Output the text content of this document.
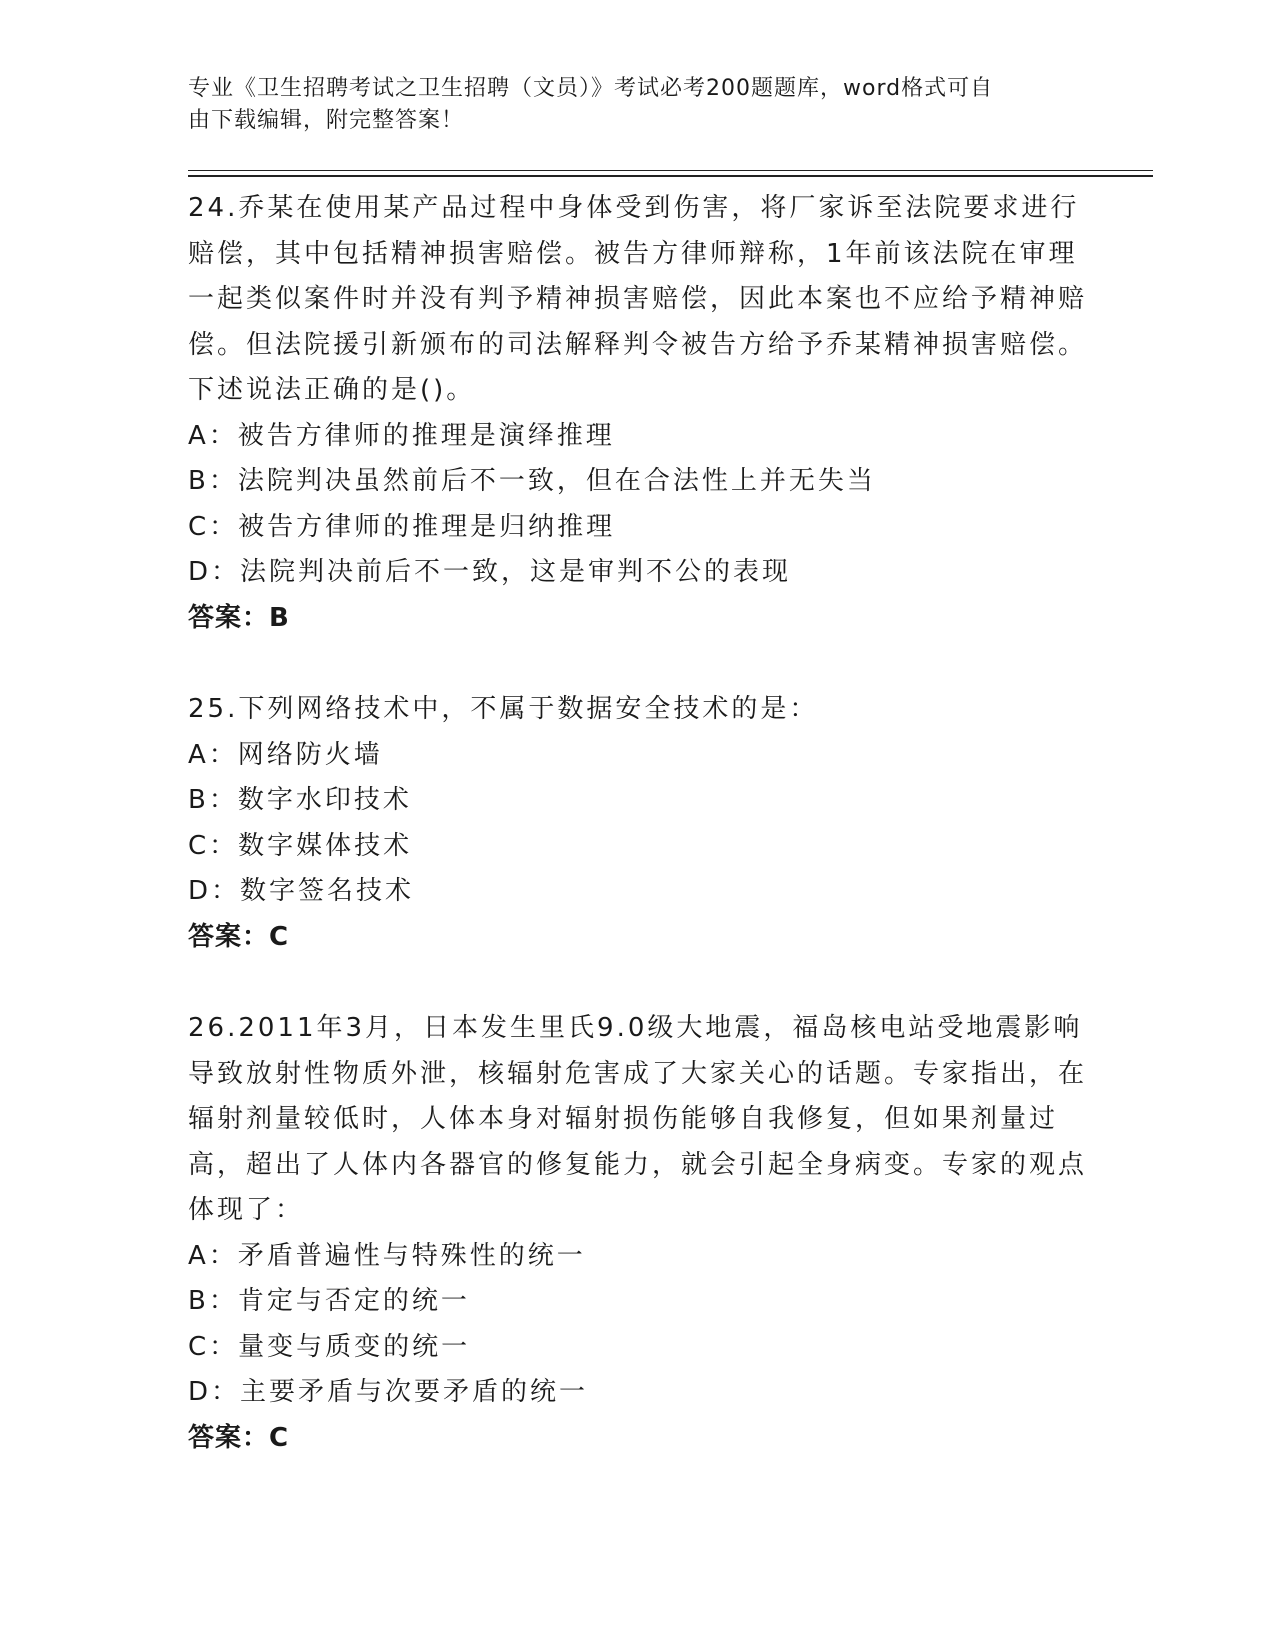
专业《卫生招聘考试之卫生招聘（文员）》考试必考200题题库，word格式可自
由下载编辑，附完整答案！
24.乔某在使用某产品过程中身体受到伤害，将厂家诉至法院要求进行赔偿，其中包括精神损害赔偿。被告方律师辩称，1年前该法院在审理一起类似案件时并没有判予精神损害赔偿，因此本案也不应给予精神赔偿。但法院援引新颁布的司法解释判令被告方给予乔某精神损害赔偿。下述说法正确的是()。
A：被告方律师的推理是演绎推理
B：法院判决虽然前后不一致，但在合法性上并无失当
C：被告方律师的推理是归纳推理
D：法院判决前后不一致，这是审判不公的表现
答案：B
25.下列网络技术中，不属于数据安全技术的是：
A：网络防火墙
B：数字水印技术
C：数字媒体技术
D：数字签名技术
答案：C
26.2011年3月，日本发生里氏9.0级大地震，福岛核电站受地震影响导致放射性物质外泄，核辐射危害成了大家关心的话题。专家指出，在辐射剂量较低时，人体本身对辐射损伤能够自我修复，但如果剂量过高，超出了人体内各器官的修复能力，就会引起全身病变。专家的观点体现了：
A：矛盾普遍性与特殊性的统一
B：肯定与否定的统一
C：量变与质变的统一
D：主要矛盾与次要矛盾的统一
答案：C
